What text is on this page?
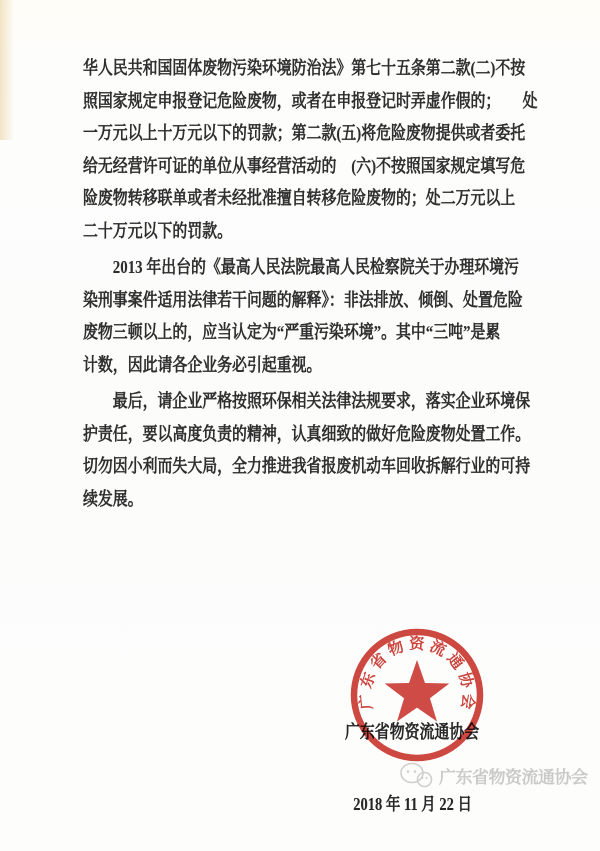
华人民共和国固体废物污染环境防治法》第七十五条第二款(二)不按
照国家规定申报登记危险废物，或者在申报登记时弄虚作假的；　　处
一万元以上十万元以下的罚款；第二款(五)将危险废物提供或者委托
给无经营许可证的单位从事经营活动的　(六)不按照国家规定填写危
险废物转移联单或者未经批准擅自转移危险废物的；处二万元以上
二十万元以下的罚款。
2013 年出台的《最高人民法院最高人民检察院关于办理环境污
染刑事案件适用法律若干问题的解释》：非法排放、倾倒、处置危险
废物三顿以上的，应当认定为“严重污染环境”。其中“三吨”是累
计数，因此请各企业务必引起重视。
最后，请企业严格按照环保相关法律法规要求，落实企业环境保
护责任，要以高度负责的精神，认真细致的做好危险废物处置工作。
切勿因小利而失大局，全力推进我省报废机动车回收拆解行业的可持
续发展。

广东省物资流通协会

2018 年 11 月 22 日

广东省物资流通协会
广东省物资流通协会
